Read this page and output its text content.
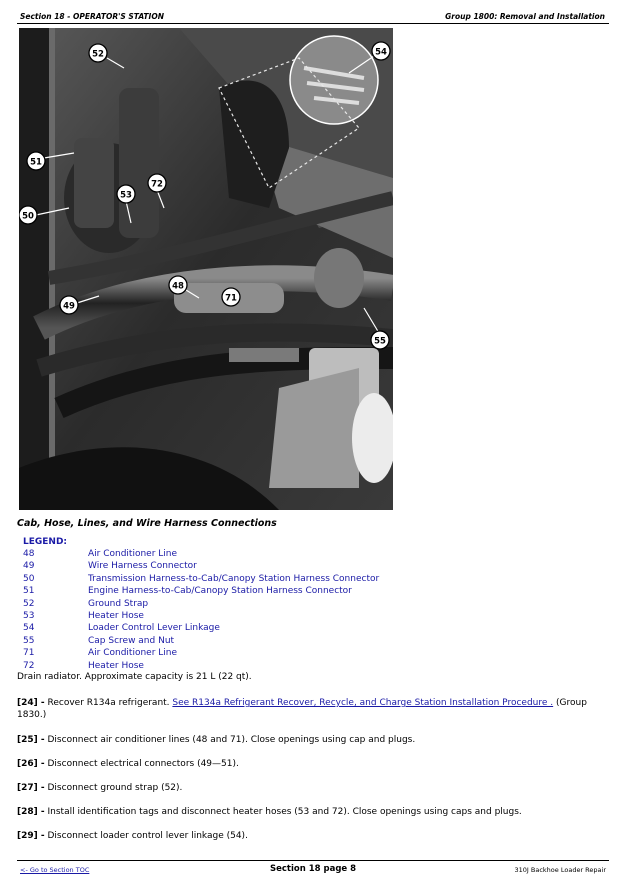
Section 18 - OPERATOR'S STATION	Group 1800: Removal and Installation
52	54
51
72
53
50
49
48
71
55
Cab, Hose, Lines, and Wire Harness Connections
LEGEND:
48	Air Conditioner Line
49	Wire Harness Connector
50	Transmission Harness-to-Cab/Canopy Station Harness Connector
51	Engine Harness-to-Cab/Canopy Station Harness Connector
52	Ground Strap
53	Heater Hose
54	Loader Control Lever Linkage
55	Cap Screw and Nut
71	Air Conditioner Line
72	Heater Hose
Drain radiator. Approximate capacity is 21 L (22 qt).
[24] - Recover R134a refrigerant. See R134a Refrigerant Recover, Recycle, and Charge Station Installation Procedure . (Group 1830.)
[25] - Disconnect air conditioner lines (48 and 71). Close openings using cap and plugs.
[26] - Disconnect electrical connectors (49—51).
[27] - Disconnect ground strap (52).
[28] - Install identification tags and disconnect heater hoses (53 and 72). Close openings using caps and plugs.
[29] - Disconnect loader control lever linkage (54).
<- Go to Section TOC	Section 18 page 8	310J Backhoe Loader Repair
